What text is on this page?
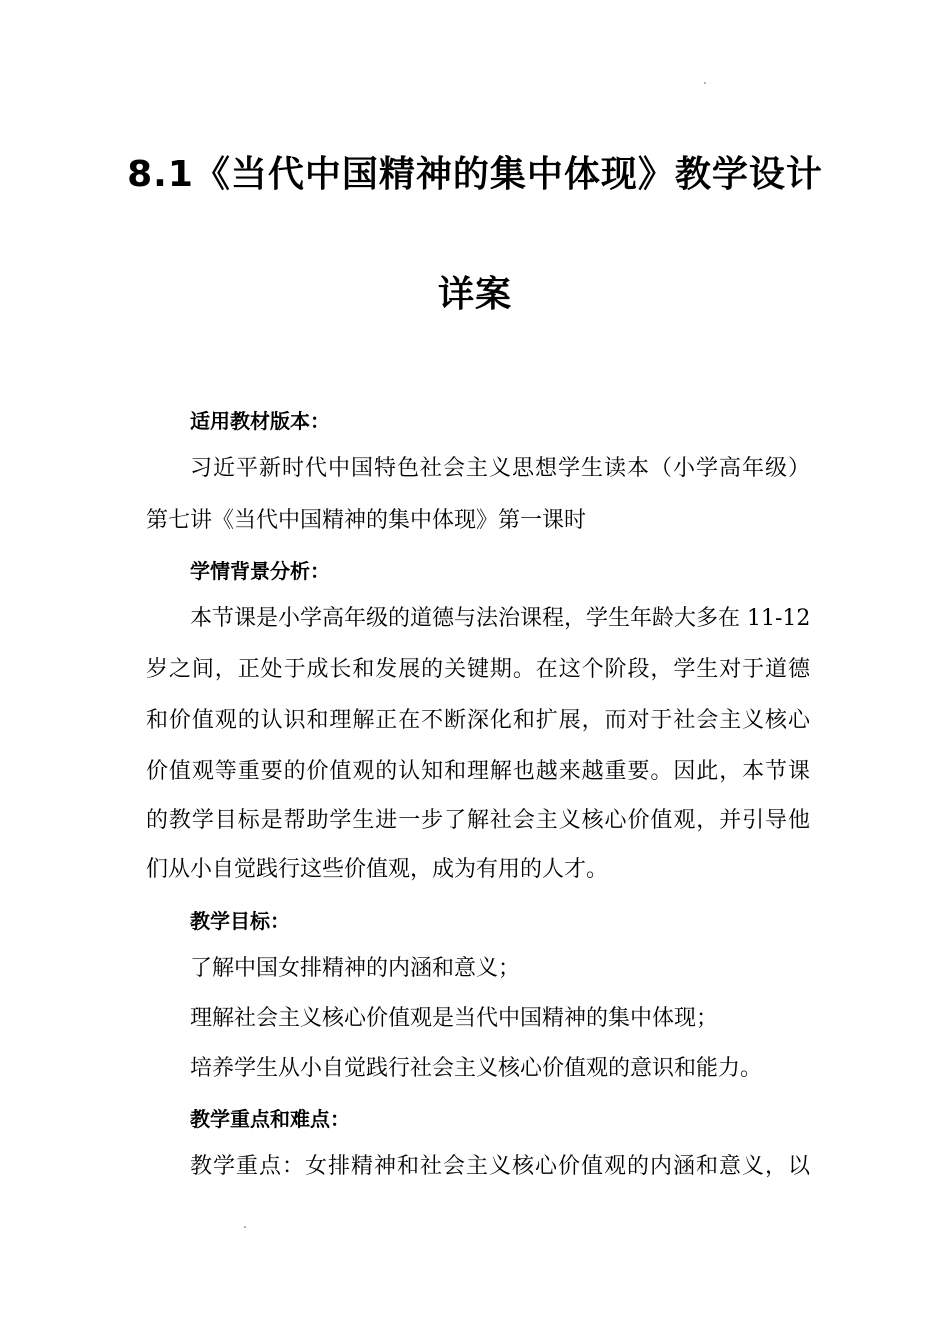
8.1《当代中国精神的集中体现》教学设计
详案
适用教材版本：
习近平新时代中国特色社会主义思想学生读本（小学高年级）
第七讲《当代中国精神的集中体现》第一课时
学情背景分析：
本节课是小学高年级的道德与法治课程，学生年龄大多在 11-12
岁之间，正处于成长和发展的关键期。在这个阶段，学生对于道德
和价值观的认识和理解正在不断深化和扩展，而对于社会主义核心
价值观等重要的价值观的认知和理解也越来越重要。因此，本节课
的教学目标是帮助学生进一步了解社会主义核心价值观，并引导他
们从小自觉践行这些价值观，成为有用的人才。
教学目标：
了解中国女排精神的内涵和意义；
理解社会主义核心价值观是当代中国精神的集中体现；
培养学生从小自觉践行社会主义核心价值观的意识和能力。
教学重点和难点：
教学重点：女排精神和社会主义核心价值观的内涵和意义，以
